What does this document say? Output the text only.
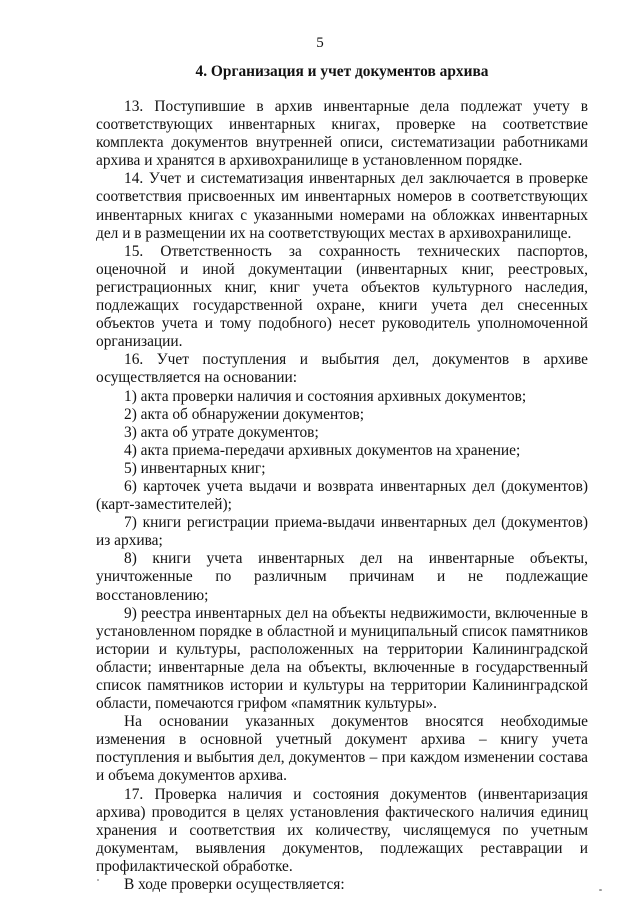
5
4. Организация и учет документов архива

13. Поступившие в архив инвентарные дела подлежат учету в соответствующих инвентарных книгах, проверке на соответствие комплекта документов внутренней описи, систематизации работниками архива и хранятся в архивохранилище в установленном порядке.

14. Учет и систематизация инвентарных дел заключается в проверке соответствия присвоенных им инвентарных номеров в соответствующих инвентарных книгах с указанными номерами на обложках инвентарных дел и в размещении их на соответствующих местах в архивохранилище.

15. Ответственность за сохранность технических паспортов, оценочной и иной документации (инвентарных книг, реестровых, регистрационных книг, книг учета объектов культурного наследия, подлежащих государственной охране, книги учета дел снесенных объектов учета и тому подобного) несет руководитель уполномоченной организации.

16. Учет поступления и выбытия дел, документов в архиве осуществляется на основании:

1) акта проверки наличия и состояния архивных документов;

2) акта об обнаружении документов;

3) акта об утрате документов;

4) акта приема-передачи архивных документов на хранение;

5) инвентарных книг;

6) карточек учета выдачи и возврата инвентарных дел (документов) (карт-заместителей);

7) книги регистрации приема-выдачи инвентарных дел (документов) из архива;

8) книги учета инвентарных дел на инвентарные объекты, уничтоженные по различным причинам и не подлежащие восстановлению;

9) реестра инвентарных дел на объекты недвижимости, включенные в установленном порядке в областной и муниципальный список памятников истории и культуры, расположенных на территории Калининградской области; инвентарные дела на объекты, включенные в государственный список памятников истории и культуры на территории Калининградской области, помечаются грифом «памятник культуры».

На основании указанных документов вносятся необходимые изменения в основной учетный документ архива – книгу учета поступления и выбытия дел, документов – при каждом изменении состава и объема документов архива.

17. Проверка наличия и состояния документов (инвентаризация архива) проводится в целях установления фактического наличия единиц хранения и соответствия их количеству, числящемуся по учетным документам, выявления документов, подлежащих реставрации и профилактической обработке.

В ходе проверки осуществляется:
